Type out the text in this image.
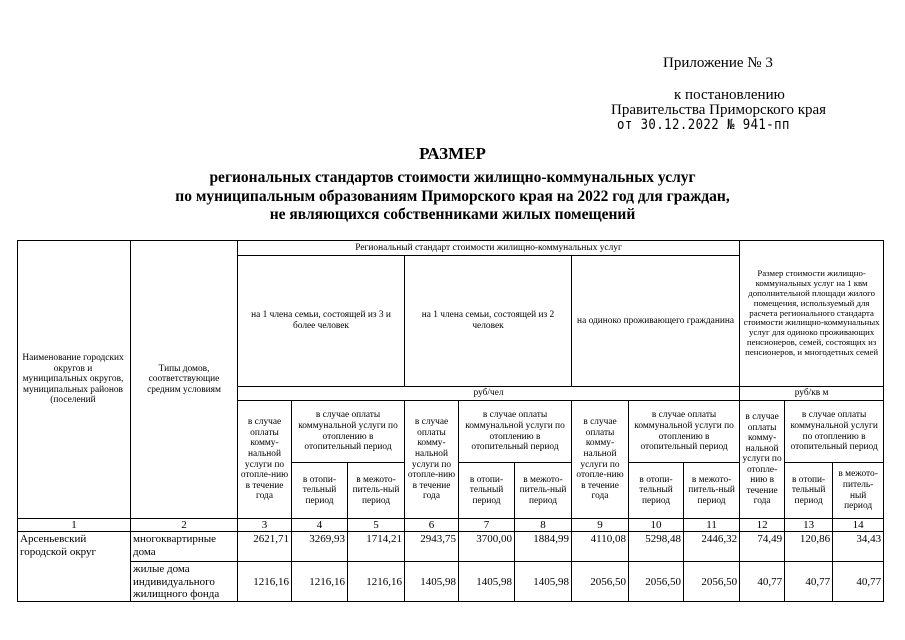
Приложение № 3
к постановлению
Правительства Приморского края
от 30.12.2022 № 941-пп
РАЗМЕР
региональных стандартов стоимости жилищно-коммунальных услуг
по муниципальным образованиям Приморского края на 2022 год для граждан,
не являющихся собственниками жилых помещений
Наименование городских округов и муниципальных округов, муниципальных районов (поселений	Типы домов, соответствующие средним условиям	Региональный стандарт стоимости жилищно-коммунальных услуг									Размер стоимости жилищно-коммунальных услуг на 1 квм дополнительной площади жилого помещения, используемый для расчета регионального стандарта стоимости жилищно-коммунальных услуг для одиноко проживающих пенсионеров, семей, состоящих из пенсионеров, и многодетных семей		
		на 1 члена семьи, состоящей из 3 и более человек			на 1 члена семьи, состоящей из 2 человек			на одиноко проживающего гражданина					
		руб/чел									руб/кв м		
		в случае оплаты комму-нальной услуги по отопле-нию в течение года	в случае оплаты коммунальной услуги по отоплению в отопительный период		в случае оплаты комму-нальной услуги по отопле-нию в течение года	в случае оплаты коммунальной услуги по отоплению в отопительный период		в случае оплаты комму-нальной услуги по отопле-нию в течение года	в случае оплаты коммунальной услуги по отоплению в отопительный период		в случае оплаты комму-нальной услуги по отопле-нию в течение года	в случае оплаты коммунальной услуги по отоплению в отопительный период	
			в отопи-тельный период	в межото-питель-ный период		в отопи-тельный период	в межото-питель-ный период		в отопи-тельный период	в межото-питель-ный период		в отопи-тельный период	в межото-питель-ный период
1	2	3	4	5	6	7	8	9	10	11	12	13	14
Арсеньевский городской округ	многоквартирные дома	2621,71	3269,93	1714,21	2943,75	3700,00	1884,99	4110,08	5298,48	2446,32	74,49	120,86	34,43
	жилые дома индивидуального жилищного фонда	1216,16	1216,16	1216,16	1405,98	1405,98	1405,98	2056,50	2056,50	2056,50	40,77	40,77	40,77
